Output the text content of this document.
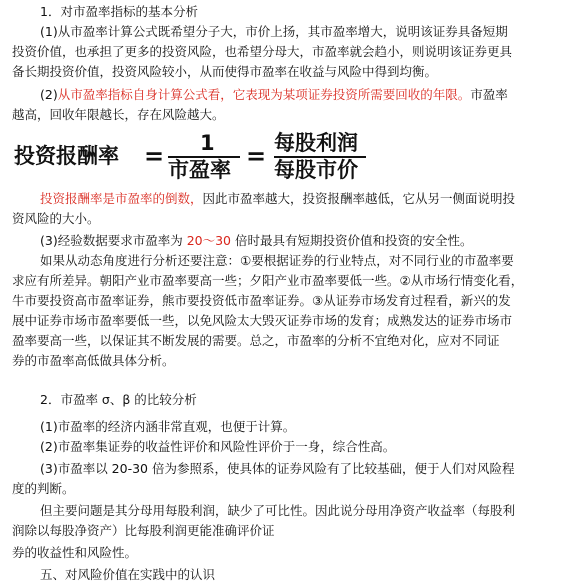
1．对市盈率指标的基本分析
(1)从市盈率计算公式既希望分子大，市价上扬，其市盈率增大，说明该证券具备短期
投资价值，也承担了更多的投资风险，也希望分母大，市盈率就会趋小，则说明该证券更具
备长期投资价值，投资风险较小，从而使得市盈率在收益与风险中得到均衡。
(2)从市盈率指标自身计算公式看，它表现为某项证券投资所需要回收的年限。市盈率
越高，回收年限越长，存在风险越大。
投资报酬率 = 1
市盈率 = 每股利润
每股市价
投资报酬率是市盈率的倒数，因此市盈率越大，投资报酬率越低，它从另一侧面说明投
资风险的大小。
(3)经验数据要求市盈率为 20～30 倍时最具有短期投资价值和投资的安全性。
如果从动态角度进行分析还要注意：①要根据证券的行业特点，对不同行业的市盈率要
求应有所差异。朝阳产业市盈率要高一些；夕阳产业市盈率要低一些。②从市场行情变化看，
牛市要投资高市盈率证券，熊市要投资低市盈率证券。③从证券市场发育过程看，新兴的发
展中证券市场市盈率要低一些，以免风险太大毁灭证券市场的发育；成熟发达的证券市场市
盈率要高一些，以保证其不断发展的需要。总之，市盈率的分析不宜绝对化，应对不同证
券的市盈率高低做具体分析。
2．市盈率 σ、β 的比较分析
(1)市盈率的经济内涵非常直观，也便于计算。
(2)市盈率集证券的收益性评价和风险性评价于一身，综合性高。
(3)市盈率以 20-30 倍为参照系，使具体的证券风险有了比较基础，便于人们对风险程
度的判断。
但主要问题是其分母用每股利润，缺少了可比性。因此说分母用净资产收益率（每股利
润除以每股净资产）比每股利润更能准确评价证
券的收益性和风险性。
五、对风险价值在实践中的认识
